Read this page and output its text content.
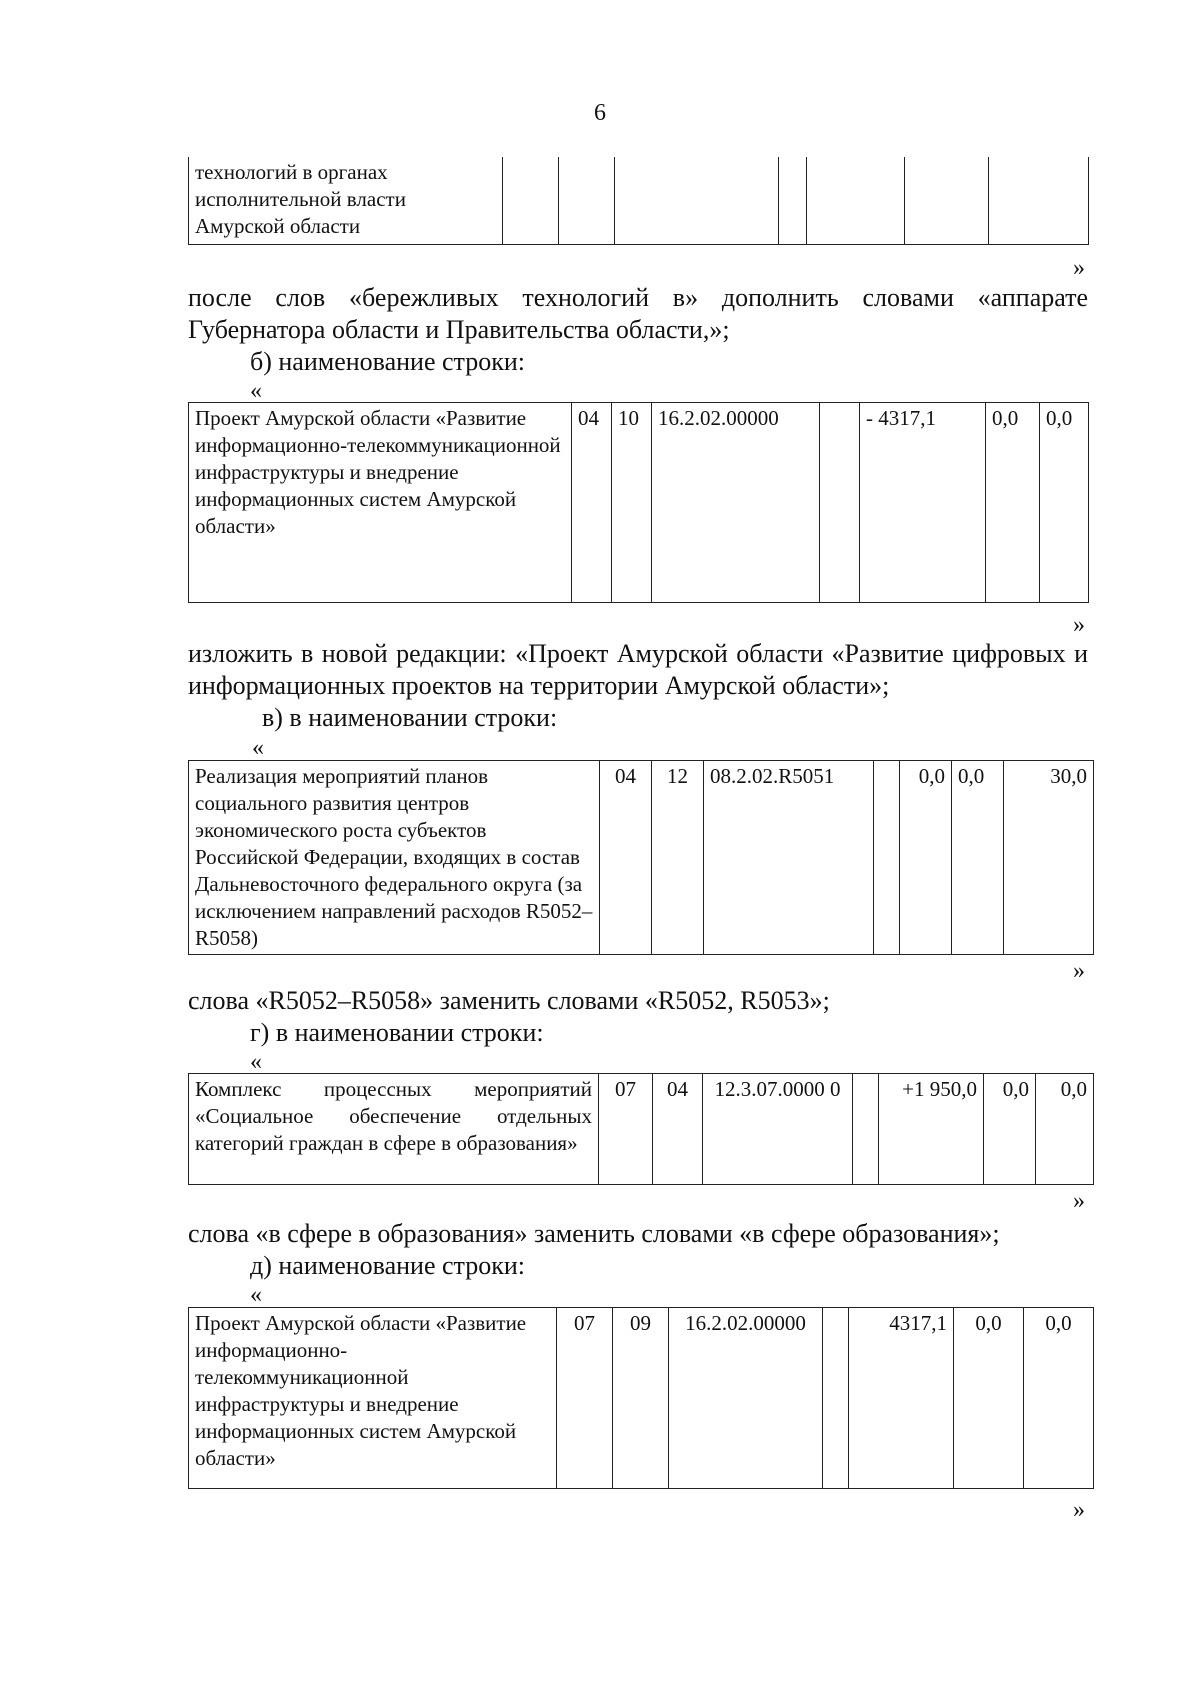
6
технологий в органах исполнительной власти Амурской области							
»
после слов «бережливых технологий в» дополнить словами «аппарате Губернатора области и Правительства области,»;
б) наименование строки:
«
Проект Амурской области «Развитие информационно-телекоммуникационной инфраструктуры и внедрение информационных систем Амурской области»	04	10	16.2.02.00000		- 4317,1	0,0	0,0
»
изложить в новой редакции: «Проект Амурской области «Развитие цифровых и информационных проектов на территории Амурской области»;
в) в наименовании строки:
«
Реализация мероприятий планов социального развития центров экономического роста субъектов Российской Федерации, входящих в состав Дальневосточного федерального округа (за исключением направлений расходов R5052–R5058)	04	12	08.2.02.R5051		0,0	0,0	30,0
»
слова «R5052–R5058» заменить словами «R5052, R5053»;
г) в наименовании строки:
«
Комплекс процессных мероприятий «Социальное обеспечение отдельных категорий граждан в сфере в образования»	07	04	12.3.07.0000 0		+1 950,0	0,0	0,0
»
слова «в сфере в образования» заменить словами «в сфере образования»;
д) наименование строки:
«
Проект Амурской области «Развитие информационно-телекоммуникационной инфраструктуры и внедрение информационных систем Амурской области»	07	09	16.2.02.00000		4317,1	0,0	0,0
»
